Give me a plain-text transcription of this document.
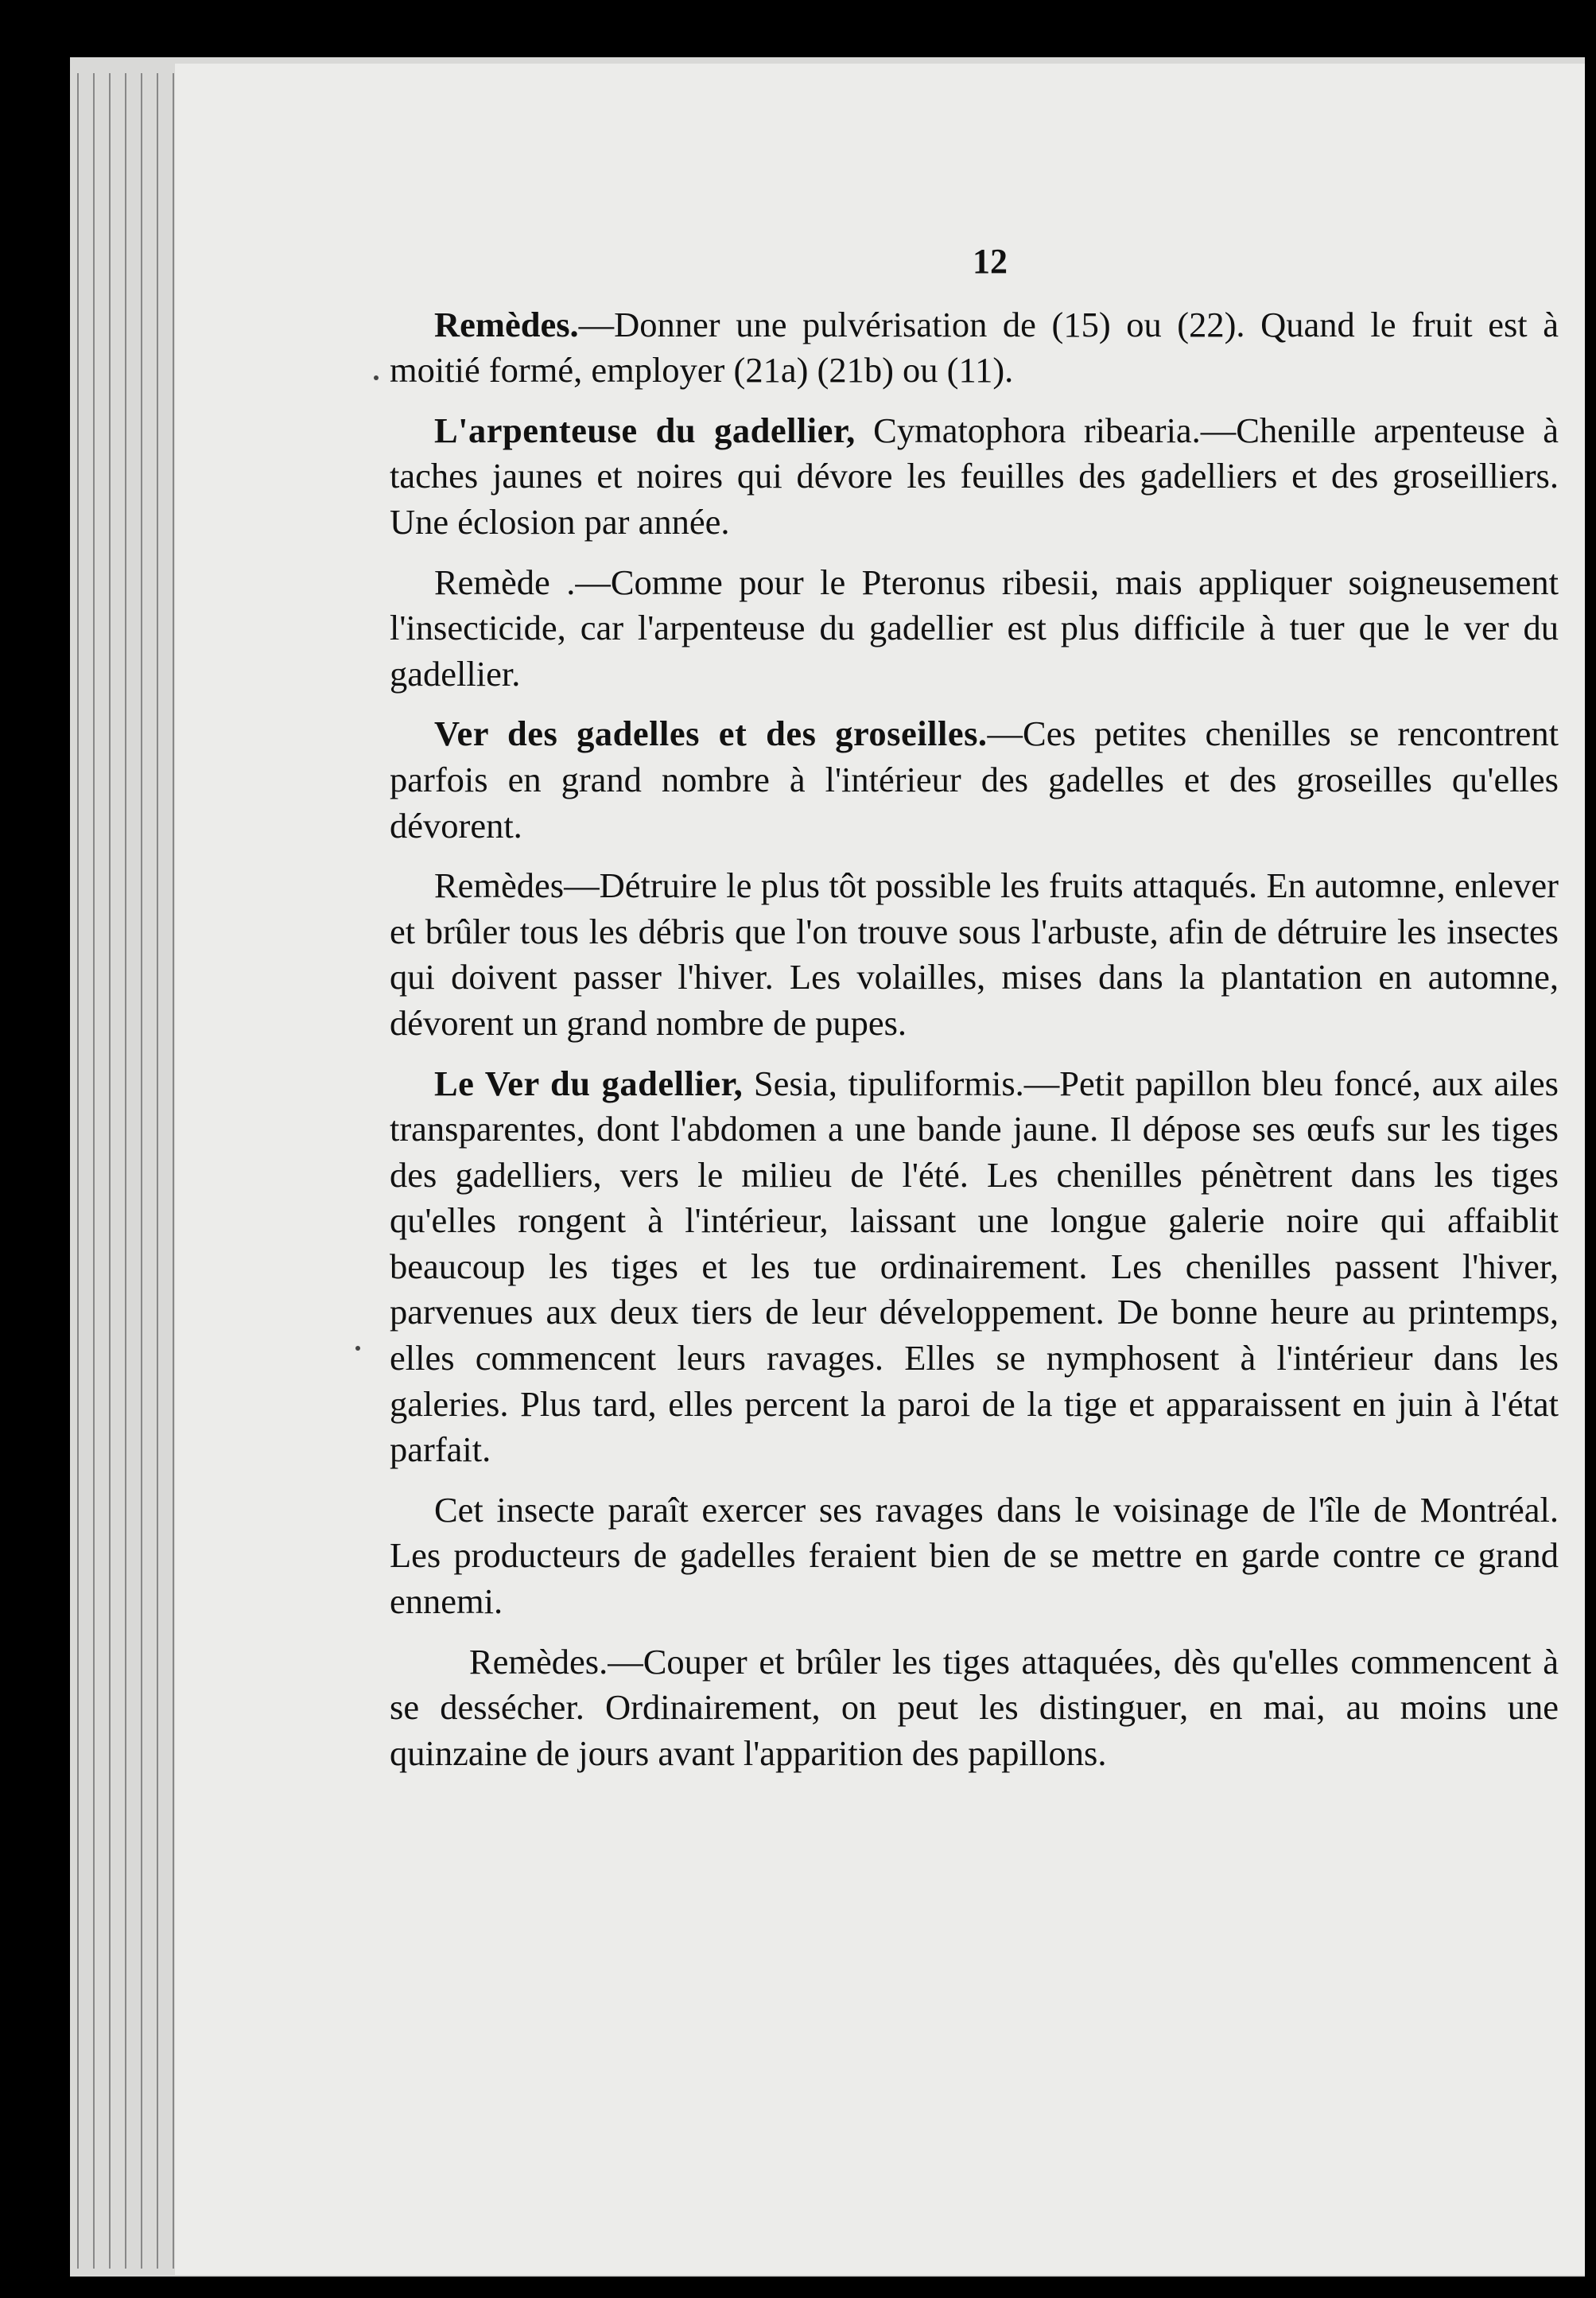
12

Remèdes.—Donner une pulvérisation de (15) ou (22). Quand le fruit est à moitié formé, employer (21a) (21b) ou (11).

L'arpenteuse du gadellier, Cymatophora ribearia.—Chenille arpenteuse à taches jaunes et noires qui dévore les feuilles des gadelliers et des groseilliers. Une éclosion par année.

Remède .—Comme pour le Pteronus ribesii, mais appliquer soigneusement l'insecticide, car l'arpenteuse du gadellier est plus difficile à tuer que le ver du gadellier.

Ver des gadelles et des groseilles.—Ces petites chenilles se rencontrent parfois en grand nombre à l'intérieur des gadelles et des groseilles qu'elles dévorent.

Remèdes—Détruire le plus tôt possible les fruits attaqués. En automne, enlever et brûler tous les débris que l'on trouve sous l'arbuste, afin de détruire les insectes qui doivent passer l'hiver. Les volailles, mises dans la plantation en automne, dévorent un grand nombre de pupes.

Le Ver du gadellier, Sesia, tipuliformis.—Petit papillon bleu foncé, aux ailes transparentes, dont l'abdomen a une bande jaune. Il dépose ses œufs sur les tiges des gadelliers, vers le milieu de l'été. Les chenilles pénètrent dans les tiges qu'elles rongent à l'intérieur, laissant une longue galerie noire qui affaiblit beaucoup les tiges et les tue ordinairement. Les chenilles passent l'hiver, parvenues aux deux tiers de leur développement. De bonne heure au printemps, elles commencent leurs ravages. Elles se nymphosent à l'intérieur dans les galeries. Plus tard, elles percent la paroi de la tige et apparaissent en juin à l'état parfait.

Cet insecte paraît exercer ses ravages dans le voisinage de l'île de Montréal. Les producteurs de gadelles feraient bien de se mettre en garde contre ce grand ennemi.

Remèdes.—Couper et brûler les tiges attaquées, dès qu'elles commencent à se dessécher. Ordinairement, on peut les distinguer, en mai, au moins une quinzaine de jours avant l'apparition des papillons.
